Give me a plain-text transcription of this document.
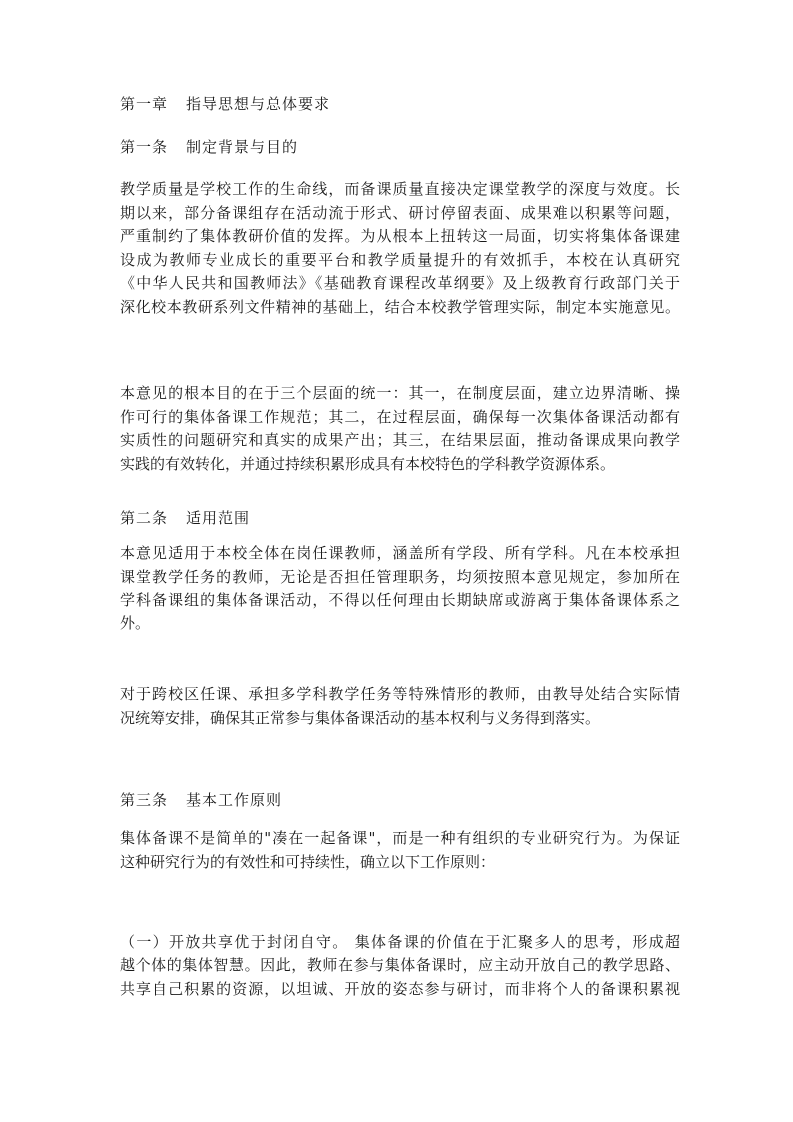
第一章 指导思想与总体要求
第一条 制定背景与目的
教学质量是学校工作的生命线，而备课质量直接决定课堂教学的深度与效度。长
期以来，部分备课组存在活动流于形式、研讨停留表面、成果难以积累等问题，
严重制约了集体教研价值的发挥。为从根本上扭转这一局面，切实将集体备课建
设成为教师专业成长的重要平台和教学质量提升的有效抓手，本校在认真研究
《中华人民共和国教师法》《基础教育课程改革纲要》及上级教育行政部门关于
深化校本教研系列文件精神的基础上，结合本校教学管理实际，制定本实施意见。
本意见的根本目的在于三个层面的统一：其一，在制度层面，建立边界清晰、操
作可行的集体备课工作规范；其二，在过程层面，确保每一次集体备课活动都有
实质性的问题研究和真实的成果产出；其三，在结果层面，推动备课成果向教学
实践的有效转化，并通过持续积累形成具有本校特色的学科教学资源体系。
第二条 适用范围
本意见适用于本校全体在岗任课教师，涵盖所有学段、所有学科。凡在本校承担
课堂教学任务的教师，无论是否担任管理职务，均须按照本意见规定，参加所在
学科备课组的集体备课活动，不得以任何理由长期缺席或游离于集体备课体系之
外。
对于跨校区任课、承担多学科教学任务等特殊情形的教师，由教导处结合实际情
况统筹安排，确保其正常参与集体备课活动的基本权利与义务得到落实。
第三条 基本工作原则
集体备课不是简单的"凑在一起备课"，而是一种有组织的专业研究行为。为保证
这种研究行为的有效性和可持续性，确立以下工作原则：
（一）开放共享优于封闭自守。 集体备课的价值在于汇聚多人的思考，形成超
越个体的集体智慧。因此，教师在参与集体备课时，应主动开放自己的教学思路、
共享自己积累的资源，以坦诚、开放的姿态参与研讨，而非将个人的备课积累视
